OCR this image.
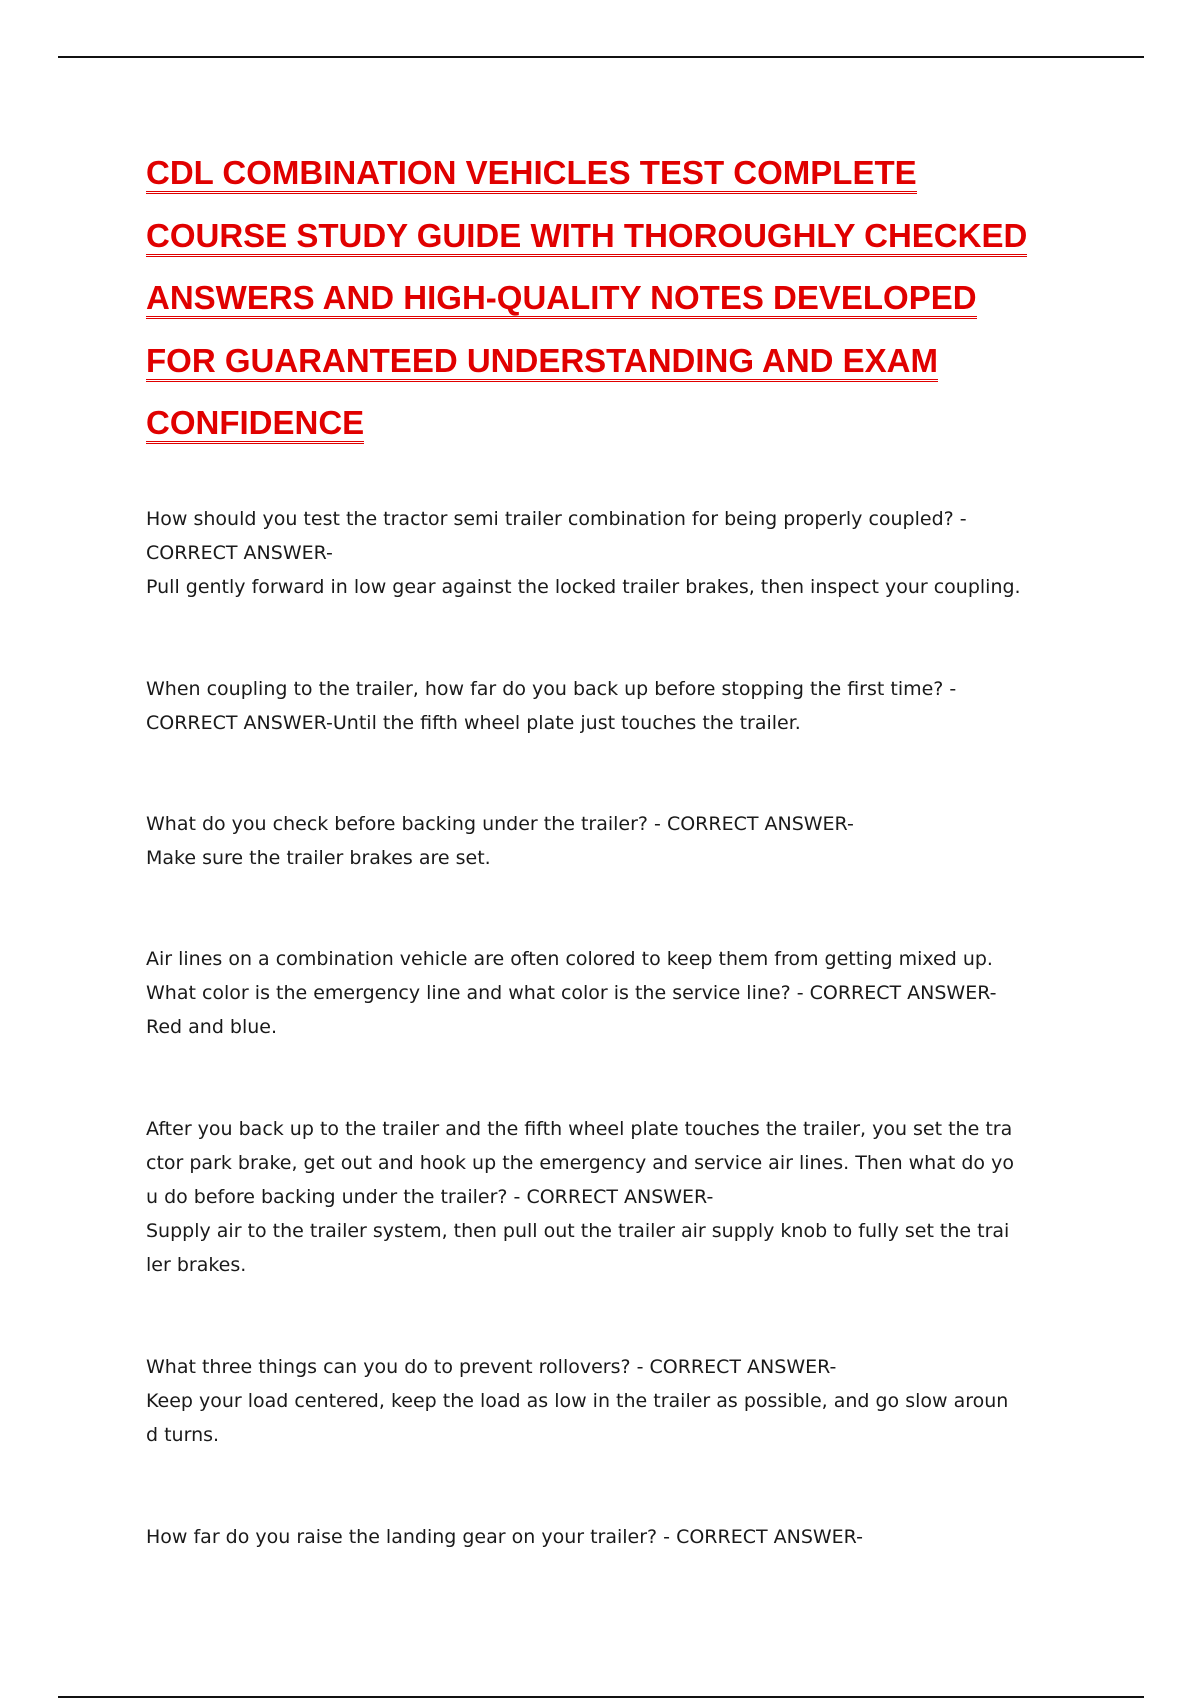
CDL COMBINATION VEHICLES TEST COMPLETE
COURSE STUDY GUIDE WITH THOROUGHLY CHECKED
ANSWERS AND HIGH-QUALITY NOTES DEVELOPED
FOR GUARANTEED UNDERSTANDING AND EXAM
CONFIDENCE
How should you test the tractor semi trailer combination for being properly coupled? -
CORRECT ANSWER-
Pull gently forward in low gear against the locked trailer brakes, then inspect your coupling.
When coupling to the trailer, how far do you back up before stopping the first time? -
CORRECT ANSWER-Until the fifth wheel plate just touches the trailer.
What do you check before backing under the trailer? - CORRECT ANSWER-
Make sure the trailer brakes are set.
Air lines on a combination vehicle are often colored to keep them from getting mixed up.
What color is the emergency line and what color is the service line? - CORRECT ANSWER-
Red and blue.
After you back up to the trailer and the fifth wheel plate touches the trailer, you set the tra
ctor park brake, get out and hook up the emergency and service air lines. Then what do yo
u do before backing under the trailer? - CORRECT ANSWER-
Supply air to the trailer system, then pull out the trailer air supply knob to fully set the trai
ler brakes.
What three things can you do to prevent rollovers? - CORRECT ANSWER-
Keep your load centered, keep the load as low in the trailer as possible, and go slow aroun
d turns.
How far do you raise the landing gear on your trailer? - CORRECT ANSWER-
